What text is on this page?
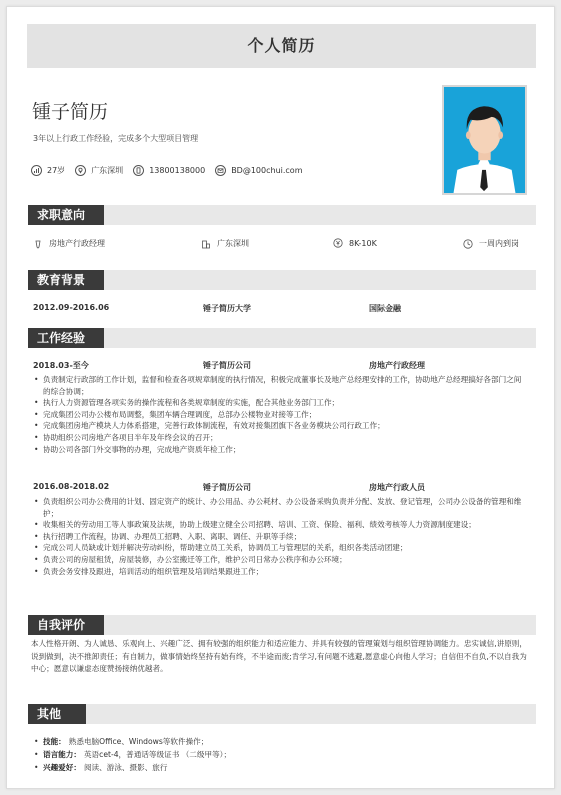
个人简历
锺子简历
3年以上行政工作经验，完成多个大型项目管理
27岁	广东深圳	13800138000	BD@100chui.com
求职意向
房地产行政经理	广东深圳	8K-10K	一周内到岗
教育背景
2012.09-2016.06	锤子简历大学	国际金融
工作经验
2018.03-至今	锤子简历公司	房地产行政经理
• 负责制定行政部的工作计划，监督和检查各项规章制度的执行情况，积极完成董事长及地产总经理安排的工作，协助地产总经理搞好各部门之间的综合协调；
• 执行人力资源管理各项实务的操作流程和各类规章制度的实施，配合其他业务部门工作；
• 完成集团公司办公楼布局调整，集团车辆合理调度，总部办公楼物业对接等工作；
• 完成集团房地产模块人力体系搭建，完善行政体制流程，有效对接集团旗下各业务模块公司行政工作；
• 协助组织公司房地产各项目半年及年终会议的召开；
• 协助公司各部门外交事物的办理，完成地产资质年检工作；
2016.08-2018.02	锤子简历公司	房地产行政人员
• 负责组织公司办公费用的计划、固定资产的统计、办公用品、办公耗材、办公设备采购负责并分配、发放、登记管理，公司办公设备的管理和维护；
• 收集相关的劳动用工等人事政策及法规，协助上级建立健全公司招聘、培训、工资、保险、福利、绩效考核等人力资源制度建设；
• 执行招聘工作流程，协调、办理员工招聘、入职、离职、调任、升职等手续；
• 完成公司人员缺或计划并解决劳动纠纷，帮助建立员工关系，协调员工与管理层的关系，组织各类活动团建；
• 负责公司的房屋租赁，房屋装修，办公室搬迁等工作，维护公司日常办公秩序和办公环境；
• 负责会务安排及跟进，培训活动的组织管理及培训结果跟进工作；
自我评价
本人性格开朗、为人诚恳、乐观向上、兴趣广泛、拥有较强的组织能力和适应能力、并具有较强的管理策划与组织管理协调能力。忠实诚信,讲原则，说到做到，决不推卸责任；有自制力，做事情始终坚持有始有终，不半途而废;肯学习,有问题不逃避,愿意虚心向他人学习；自信但不自负,不以自我为中心；愿意以谦虚态度赞扬接纳优越者。
其他
• 技能： 熟悉电脑Office、Windows等软件操作；
• 语言能力： 英语cet-4，普通话等级证书 （二级甲等）；
• 兴趣爱好： 阅读、游泳、摄影、旅行
